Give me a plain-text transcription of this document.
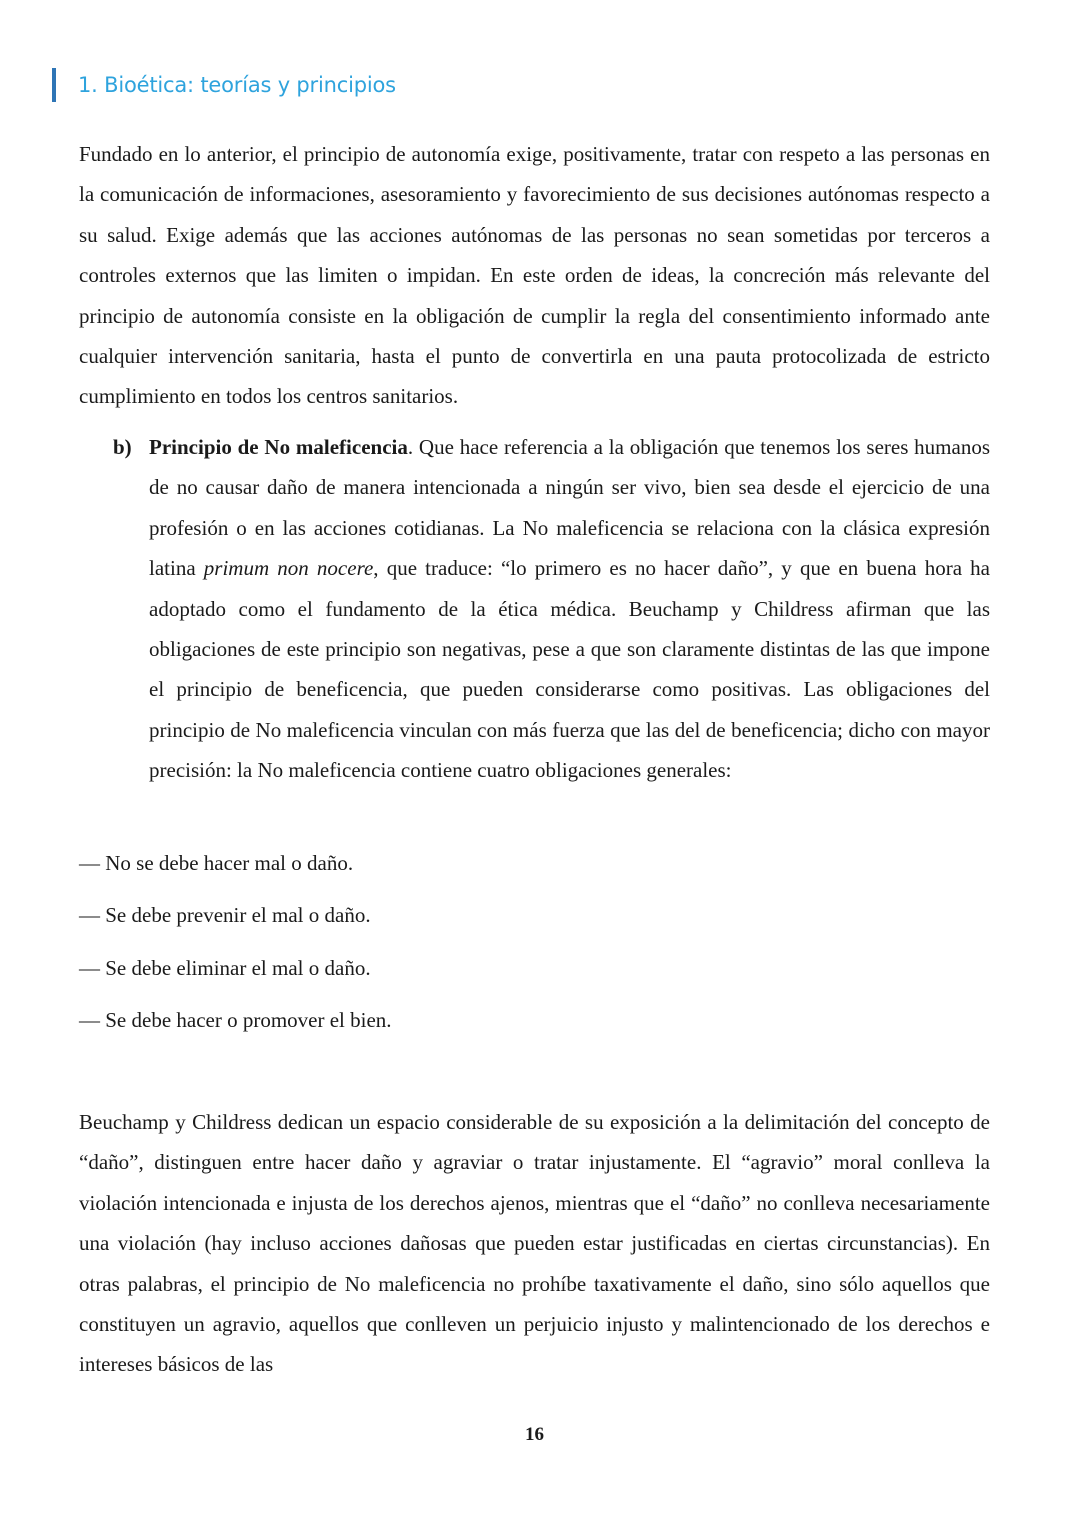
1. Bioética: teorías y principios

Fundado en lo anterior, el principio de autonomía exige, positivamente, tratar con respeto a las personas en la comunicación de informaciones, asesoramiento y favorecimiento de sus decisiones autónomas respecto a su salud. Exige además que las acciones autónomas de las personas no sean sometidas por terceros a controles externos que las limiten o impidan. En este orden de ideas, la concreción más relevante del principio de autonomía consiste en la obligación de cumplir la regla del consentimiento informado ante cualquier intervención sanitaria, hasta el punto de convertirla en una pauta protocolizada de estricto cumplimiento en todos los centros sanitarios.

b) Principio de No maleficencia. Que hace referencia a la obligación que tenemos los seres humanos de no causar daño de manera intencionada a ningún ser vivo, bien sea desde el ejercicio de una profesión o en las acciones cotidianas. La No maleficencia se relaciona con la clásica expresión latina primum non nocere, que traduce: “lo primero es no hacer daño”, y que en buena hora ha adoptado como el fundamento de la ética médica. Beuchamp y Childress afirman que las obligaciones de este principio son negativas, pese a que son claramente distintas de las que impone el principio de beneficencia, que pueden considerarse como positivas. Las obligaciones del principio de No maleficencia vinculan con más fuerza que las del de beneficencia; dicho con mayor precisión: la No maleficencia contiene cuatro obligaciones generales:

— No se debe hacer mal o daño.
— Se debe prevenir el mal o daño.
— Se debe eliminar el mal o daño.
— Se debe hacer o promover el bien.

Beuchamp y Childress dedican un espacio considerable de su exposición a la delimitación del concepto de “daño”, distinguen entre hacer daño y agraviar o tratar injustamente. El “agravio” moral conlleva la violación intencionada e injusta de los derechos ajenos, mientras que el “daño” no conlleva necesariamente una violación (hay incluso acciones dañosas que pueden estar justificadas en ciertas circunstancias). En otras palabras, el principio de No maleficencia no prohíbe taxativamente el daño, sino sólo aquellos que constituyen un agravio, aquellos que conlleven un perjuicio injusto y malintencionado de los derechos e intereses básicos de las

16
